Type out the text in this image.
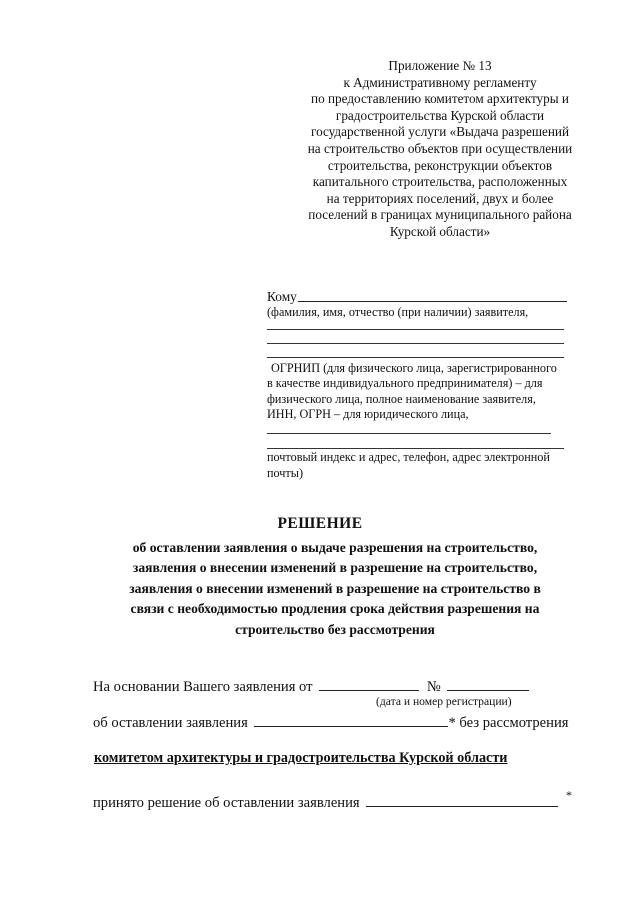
Приложение № 13
к Административному регламенту
по предоставлению комитетом архитектуры и
градостроительства Курской области
государственной услуги «Выдача разрешений
на строительство объектов при осуществлении
строительства, реконструкции объектов
капитального строительства, расположенных
на территориях поселений, двух и более
поселений в границах муниципального района
Курской области»
Кому
(фамилия, имя, отчество (при наличии) заявителя,
ОГРНИП (для физического лица, зарегистрированного
в качестве индивидуального предпринимателя) – для
физического лица, полное наименование заявителя,
ИНН, ОГРН – для юридического лица,
почтовый индекс и адрес, телефон, адрес электронной
почты)
РЕШЕНИЕ
об оставлении заявления о выдаче разрешения на строительство,
заявления о внесении изменений в разрешение на строительство,
заявления о внесении изменений в разрешение на строительство в
связи с необходимостью продления срока действия разрешения на
строительство без рассмотрения
На основании Вашего заявления от	№
(дата и номер регистрации)
об оставлении заявления	* без рассмотрения
комитетом архитектуры и градостроительства Курской области
принято решение об оставлении заявления	*
